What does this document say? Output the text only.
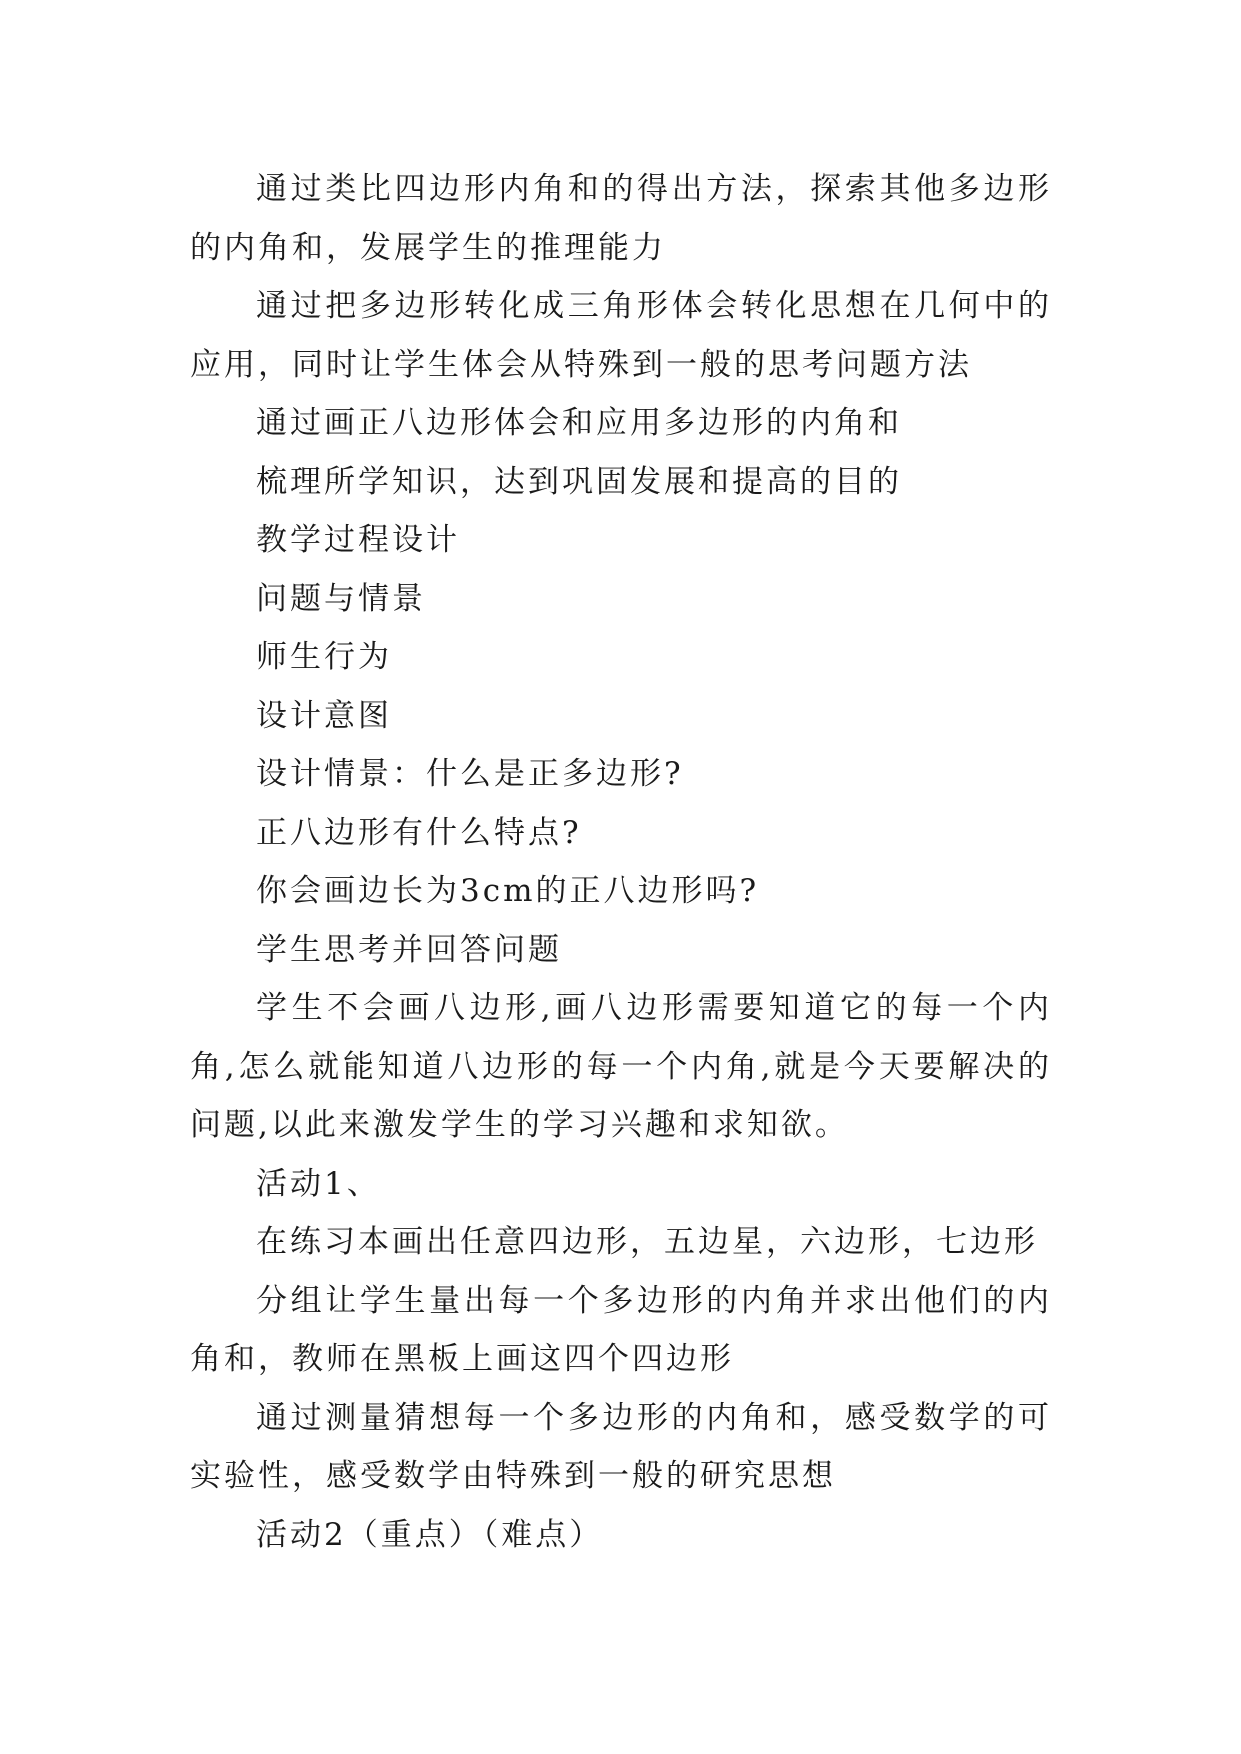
通过类比四边形内角和的得出方法，探索其他多边形的内角和，发展学生的推理能力

通过把多边形转化成三角形体会转化思想在几何中的应用，同时让学生体会从特殊到一般的思考问题方法

通过画正八边形体会和应用多边形的内角和

梳理所学知识，达到巩固发展和提高的目的

教学过程设计

问题与情景

师生行为

设计意图

设计情景：什么是正多边形?

正八边形有什么特点?

你会画边长为3cm的正八边形吗?

学生思考并回答问题

学生不会画八边形,画八边形需要知道它的每一个内角,怎么就能知道八边形的每一个内角,就是今天要解决的问题,以此来激发学生的学习兴趣和求知欲。

活动1、

在练习本画出任意四边形，五边星，六边形，七边形

分组让学生量出每一个多边形的内角并求出他们的内角和，教师在黑板上画这四个四边形

通过测量猜想每一个多边形的内角和，感受数学的可实验性，感受数学由特殊到一般的研究思想

活动2（重点）（难点）
